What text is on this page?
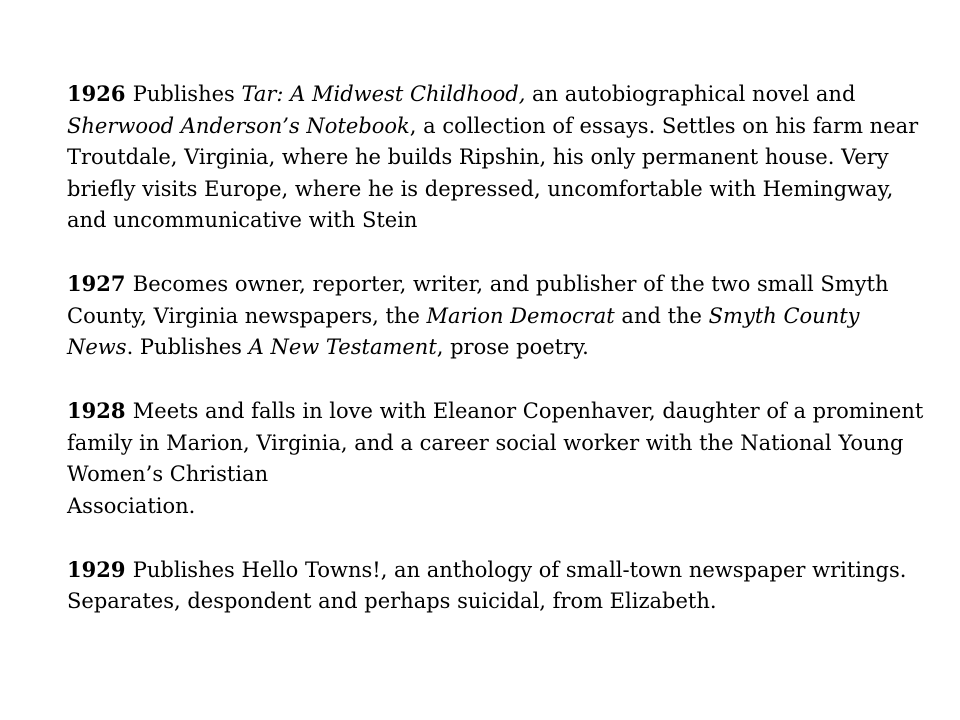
1926 Publishes Tar: A Midwest Childhood, an autobiographical novel and Sherwood Anderson’s Notebook, a collection of essays. Settles on his farm near Troutdale, Virginia, where he builds Ripshin, his only permanent house. Very briefly visits Europe, where he is depressed, uncomfortable with Hemingway, and uncommunicative with Stein

1927 Becomes owner, reporter, writer, and publisher of the two small Smyth County, Virginia newspapers, the Marion Democrat and the Smyth County News. Publishes A New Testament, prose poetry.

1928 Meets and falls in love with Eleanor Copenhaver, daughter of a prominent family in Marion, Virginia, and a career social worker with the National Young Women’s Christian
Association.

1929 Publishes Hello Towns!, an anthology of small-town newspaper writings. Separates, despondent and perhaps suicidal, from Elizabeth.
